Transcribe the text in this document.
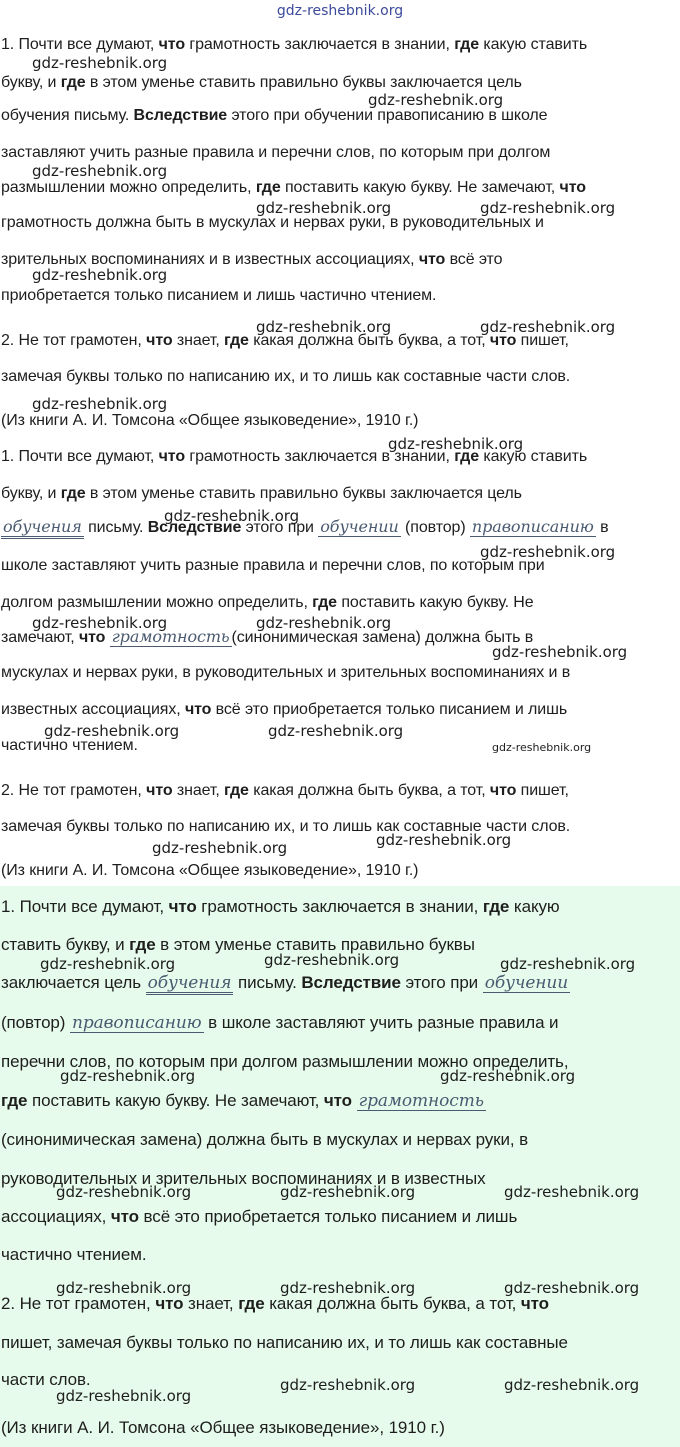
gdz-reshebnik.org
1. Почти все думают, что грамотность заключается в знании, где какую ставить
букву, и где в этом уменье ставить правильно буквы заключается цель
обучения письму. Вследствие этого при обучении правописанию в школе
заставляют учить разные правила и перечни слов, по которым при долгом
размышлении можно определить, где поставить какую букву. Не замечают, что
грамотность должна быть в мускулах и нервах руки, в руководительных и
зрительных воспоминаниях и в известных ассоциациях, что всё это
приобретается только писанием и лишь частично чтением.
2. Не тот грамотен, что знает, где какая должна быть буква, а тот, что пишет,
замечая буквы только по написанию их, и то лишь как составные части слов.
(Из книги А. И. Томсона «Общее языковедение», 1910 г.)
1. Почти все думают, что грамотность заключается в знании, где какую ставить
букву, и где в этом уменье ставить правильно буквы заключается цель
обучения письму. Вследствие этого при обучении (повтор) правописанию в
школе заставляют учить разные правила и перечни слов, по которым при
долгом размышлении можно определить, где поставить какую букву. Не
замечают, что грамотность (синонимическая замена) должна быть в
мускулах и нервах руки, в руководительных и зрительных воспоминаниях и в
известных ассоциациях, что всё это приобретается только писанием и лишь
частично чтением.
2. Не тот грамотен, что знает, где какая должна быть буква, а тот, что пишет,
замечая буквы только по написанию их, и то лишь как составные части слов.
(Из книги А. И. Томсона «Общее языковедение», 1910 г.)
1. Почти все думают, что грамотность заключается в знании, где какую
ставить букву, и где в этом уменье ставить правильно буквы
заключается цель обучения письму. Вследствие этого при обучении
(повтор) правописанию в школе заставляют учить разные правила и
перечни слов, по которым при долгом размышлении можно определить,
где поставить какую букву. Не замечают, что грамотность
(синонимическая замена) должна быть в мускулах и нервах руки, в
руководительных и зрительных воспоминаниях и в известных
ассоциациях, что всё это приобретается только писанием и лишь
частично чтением.
2. Не тот грамотен, что знает, где какая должна быть буква, а тот, что
пишет, замечая буквы только по написанию их, и то лишь как составные
части слов.
(Из книги А. И. Томсона «Общее языковедение», 1910 г.)
gdz-reshebnik.org
gdz-reshebnik.org
gdz-reshebnik.org
gdz-reshebnik.org	gdz-reshebnik.org
gdz-reshebnik.org
gdz-reshebnik.org	gdz-reshebnik.org
gdz-reshebnik.org
gdz-reshebnik.org
gdz-reshebnik.org
gdz-reshebnik.org
gdz-reshebnik.org	gdz-reshebnik.org
gdz-reshebnik.org
gdz-reshebnik.org	gdz-reshebnik.org
gdz-reshebnik.org
gdz-reshebnik.org	gdz-reshebnik.org
gdz-reshebnik.org	gdz-reshebnik.org	gdz-reshebnik.org
gdz-reshebnik.org	gdz-reshebnik.org
gdz-reshebnik.org	gdz-reshebnik.org	gdz-reshebnik.org
gdz-reshebnik.org	gdz-reshebnik.org	gdz-reshebnik.org
gdz-reshebnik.org
gdz-reshebnik.org	gdz-reshebnik.org
